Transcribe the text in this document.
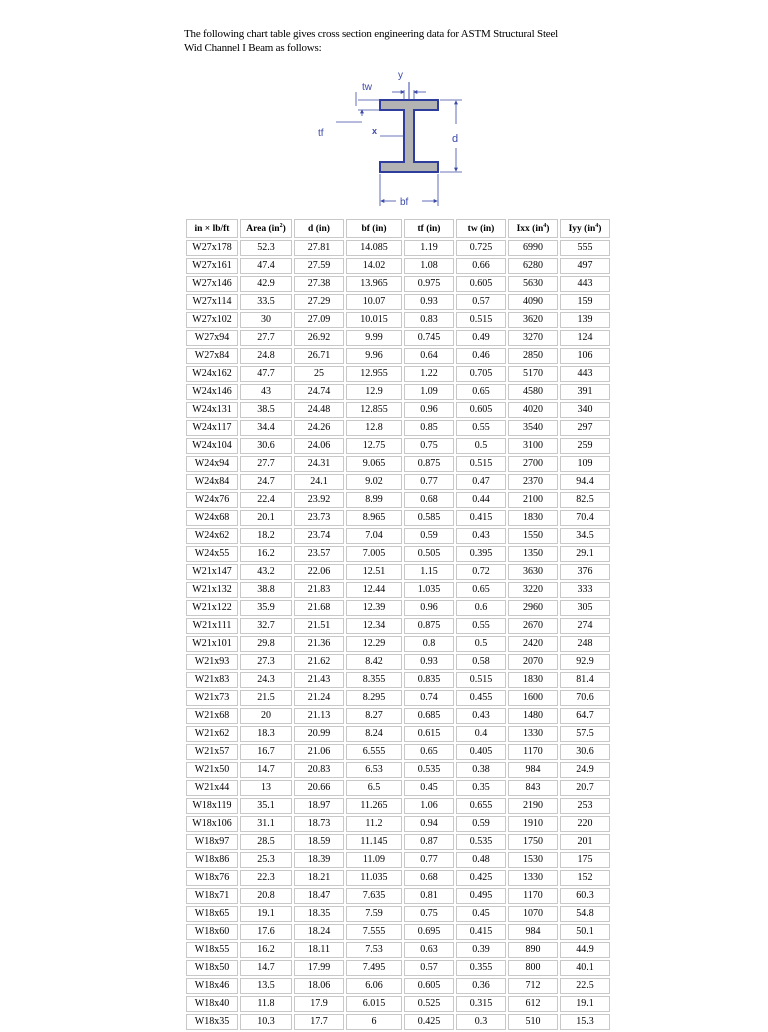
The following chart table gives cross section engineering data for ASTM Structural Steel

Wid Channel I Beam as follows:

y
tw
tf	x
d
bf
in × lb/ft	Area $(in^2)$	d (in)	bf (in)	tf (in)	tw (in)	Ixx $(in^4)$	Iyy $(in^4)$
W27x178	52.3	27.81	14.085	1.19	0.725	6990	555
W27x161	47.4	27.59	14.02	1.08	0.66	6280	497
W27x146	42.9	27.38	13.965	0.975	0.605	5630	443
W27x114	33.5	27.29	10.07	0.93	0.57	4090	159
W27x102	30	27.09	10.015	0.83	0.515	3620	139
W27x94	27.7	26.92	9.99	0.745	0.49	3270	124
W27x84	24.8	26.71	9.96	0.64	0.46	2850	106
W24x162	47.7	25	12.955	1.22	0.705	5170	443
W24x146	43	24.74	12.9	1.09	0.65	4580	391
W24x131	38.5	24.48	12.855	0.96	0.605	4020	340
W24x117	34.4	24.26	12.8	0.85	0.55	3540	297
W24x104	30.6	24.06	12.75	0.75	0.5	3100	259
W24x94	27.7	24.31	9.065	0.875	0.515	2700	109
W24x84	24.7	24.1	9.02	0.77	0.47	2370	94.4
W24x76	22.4	23.92	8.99	0.68	0.44	2100	82.5
W24x68	20.1	23.73	8.965	0.585	0.415	1830	70.4
W24x62	18.2	23.74	7.04	0.59	0.43	1550	34.5
W24x55	16.2	23.57	7.005	0.505	0.395	1350	29.1
W21x147	43.2	22.06	12.51	1.15	0.72	3630	376
W21x132	38.8	21.83	12.44	1.035	0.65	3220	333
W21x122	35.9	21.68	12.39	0.96	0.6	2960	305
W21x111	32.7	21.51	12.34	0.875	0.55	2670	274
W21x101	29.8	21.36	12.29	0.8	0.5	2420	248
W21x93	27.3	21.62	8.42	0.93	0.58	2070	92.9
W21x83	24.3	21.43	8.355	0.835	0.515	1830	81.4
W21x73	21.5	21.24	8.295	0.74	0.455	1600	70.6
W21x68	20	21.13	8.27	0.685	0.43	1480	64.7
W21x62	18.3	20.99	8.24	0.615	0.4	1330	57.5
W21x57	16.7	21.06	6.555	0.65	0.405	1170	30.6
W21x50	14.7	20.83	6.53	0.535	0.38	984	24.9
W21x44	13	20.66	6.5	0.45	0.35	843	20.7
W18x119	35.1	18.97	11.265	1.06	0.655	2190	253
W18x106	31.1	18.73	11.2	0.94	0.59	1910	220
W18x97	28.5	18.59	11.145	0.87	0.535	1750	201
W18x86	25.3	18.39	11.09	0.77	0.48	1530	175
W18x76	22.3	18.21	11.035	0.68	0.425	1330	152
W18x71	20.8	18.47	7.635	0.81	0.495	1170	60.3
W18x65	19.1	18.35	7.59	0.75	0.45	1070	54.8
W18x60	17.6	18.24	7.555	0.695	0.415	984	50.1
W18x55	16.2	18.11	7.53	0.63	0.39	890	44.9
W18x50	14.7	17.99	7.495	0.57	0.355	800	40.1
W18x46	13.5	18.06	6.06	0.605	0.36	712	22.5
W18x40	11.8	17.9	6.015	0.525	0.315	612	19.1
W18x35	10.3	17.7	6	0.425	0.3	510	15.3
